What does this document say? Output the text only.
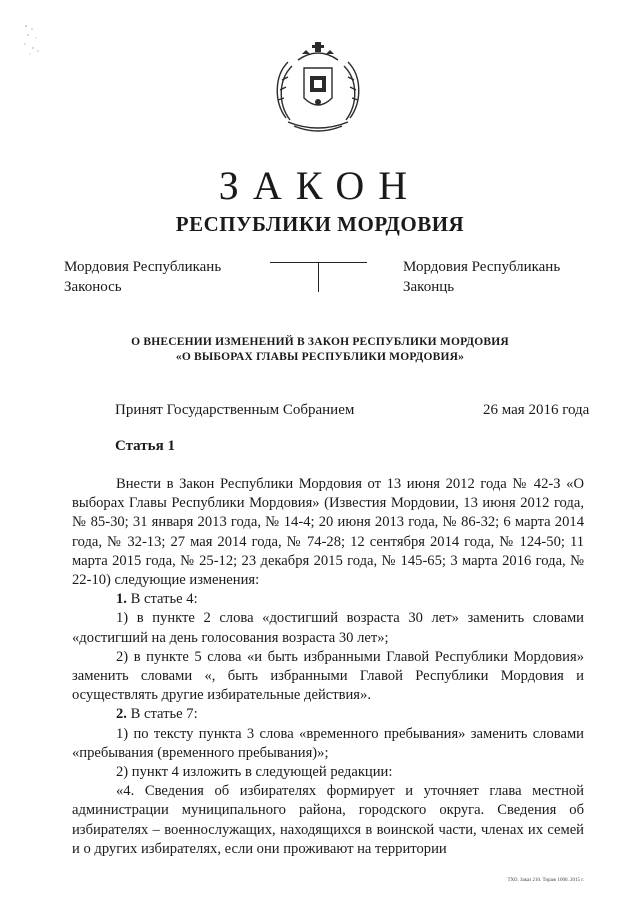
ЗАКОН
РЕСПУБЛИКИ МОРДОВИЯ
Мордовия Республикань
Законось
Мордовия Республикань
Законць
О ВНЕСЕНИИ ИЗМЕНЕНИЙ В ЗАКОН РЕСПУБЛИКИ МОРДОВИЯ
«О ВЫБОРАХ ГЛАВЫ РЕСПУБЛИКИ МОРДОВИЯ»
Принят Государственным Собранием	26 мая 2016 года
Статья 1

Внести в Закон Республики Мордовия от 13 июня 2012 года № 42-З «О выборах Главы Республики Мордовия» (Известия Мордовии, 13 июня 2012 года, № 85-30; 31 января 2013 года, № 14-4; 20 июня 2013 года, № 86-32; 6 марта 2014 года, № 32-13; 27 мая 2014 года, № 74-28; 12 сентября 2014 года, № 124-50; 11 марта 2015 года, № 25-12; 23 декабря 2015 года, № 145-65; 3 марта 2016 года, № 22-10) следующие изменения:

1. В статье 4:

1) в пункте 2 слова «достигший возраста 30 лет» заменить словами «достигший на день голосования возраста 30 лет»;

2) в пункте 5 слова «и быть избранными Главой Республики Мордовия» заменить словами «, быть избранными Главой Республики Мордовия и осуществлять другие избирательные действия».

2. В статье 7:

1) по тексту пункта 3 слова «временного пребывания» заменить словами «пребывания (временного пребывания)»;

2) пункт 4 изложить в следующей редакции:

«4. Сведения об избирателях формирует и уточняет глава местной администрации муниципального района, городского округа. Сведения об избирателях – военнослужащих, находящихся в воинской части, членах их семей и о других избирателях, если они проживают на территории

ТХО. Заказ 210. Тираж 1000. 2015 г.
